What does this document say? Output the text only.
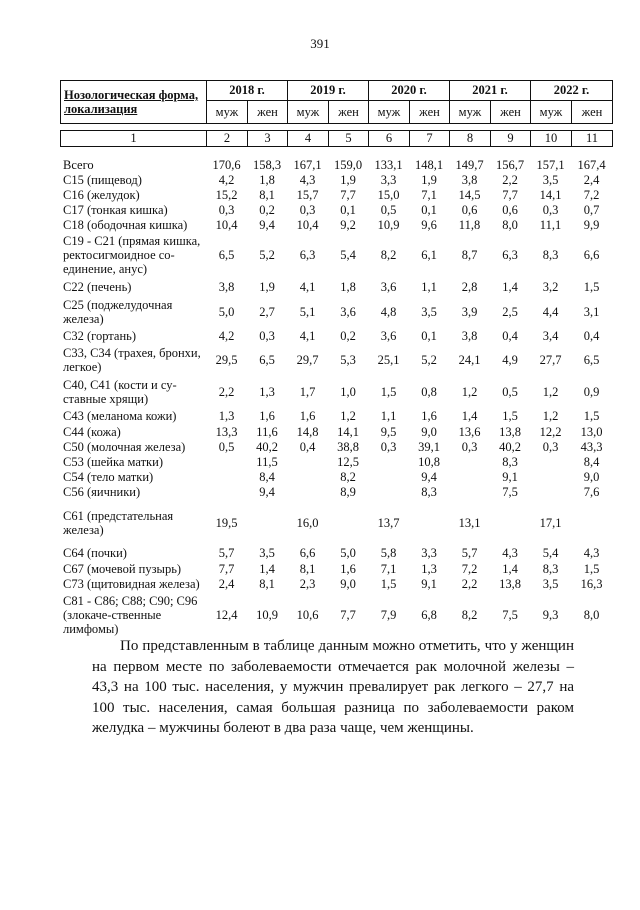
391
Нозологическая форма, локализация	2018 г.		2019 г.		2020 г.		2021 г.		2022 г.	
	муж	жен	муж	жен	муж	жен	муж	жен	муж	жен

1	2	3	4	5	6	7	8	9	10	11
Всего	170,6	158,3	167,1	159,0	133,1	148,1	149,7	156,7	157,1	167,4
С15 (пищевод)	4,2	1,8	4,3	1,9	3,3	1,9	3,8	2,2	3,5	2,4
С16 (желудок)	15,2	8,1	15,7	7,7	15,0	7,1	14,5	7,7	14,1	7,2
С17 (тонкая кишка)	0,3	0,2	0,3	0,1	0,5	0,1	0,6	0,6	0,3	0,7
С18 (ободочная кишка)	10,4	9,4	10,4	9,2	10,9	9,6	11,8	8,0	11,1	9,9
С19 - С21 (прямая кишка, ректосигмоидное со-единение, анус)	6,5	5,2	6,3	5,4	8,2	6,1	8,7	6,3	8,3	6,6
С22 (печень)	3,8	1,9	4,1	1,8	3,6	1,1	2,8	1,4	3,2	1,5
С25 (поджелудочная железа)	5,0	2,7	5,1	3,6	4,8	3,5	3,9	2,5	4,4	3,1
С32 (гортань)	4,2	0,3	4,1	0,2	3,6	0,1	3,8	0,4	3,4	0,4
С33, С34 (трахея, бронхи, легкое)	29,5	6,5	29,7	5,3	25,1	5,2	24,1	4,9	27,7	6,5
С40, С41 (кости и су-ставные хрящи)	2,2	1,3	1,7	1,0	1,5	0,8	1,2	0,5	1,2	0,9
С43 (меланома кожи)	1,3	1,6	1,6	1,2	1,1	1,6	1,4	1,5	1,2	1,5
С44 (кожа)	13,3	11,6	14,8	14,1	9,5	9,0	13,6	13,8	12,2	13,0
С50 (молочная железа)	0,5	40,2	0,4	38,8	0,3	39,1	0,3	40,2	0,3	43,3
С53 (шейка матки)		11,5		12,5		10,8		8,3		8,4
С54 (тело матки)		8,4		8,2		9,4		9,1		9,0
С56 (яичники)		9,4		8,9		8,3		7,5		7,6
С61 (предстательная железа)	19,5		16,0		13,7		13,1		17,1	
С64 (почки)	5,7	3,5	6,6	5,0	5,8	3,3	5,7	4,3	5,4	4,3
С67 (мочевой пузырь)	7,7	1,4	8,1	1,6	7,1	1,3	7,2	1,4	8,3	1,5
С73 (щитовидная железа)	2,4	8,1	2,3	9,0	1,5	9,1	2,2	13,8	3,5	16,3
С81 - С86; С88; С90; С96 (злокаче-ственные лимфомы)	12,4	10,9	10,6	7,7	7,9	6,8	8,2	7,5	9,3	8,0

По представленным в таблице данным можно отметить, что у женщин на первом месте по заболеваемости отмечается рак молочной железы – 43,3 на 100 тыс. населения, у мужчин превалирует рак легкого – 27,7 на 100 тыс. населения, самая большая разница по заболеваемости раком желудка – мужчины болеют в два раза чаще, чем женщины.
